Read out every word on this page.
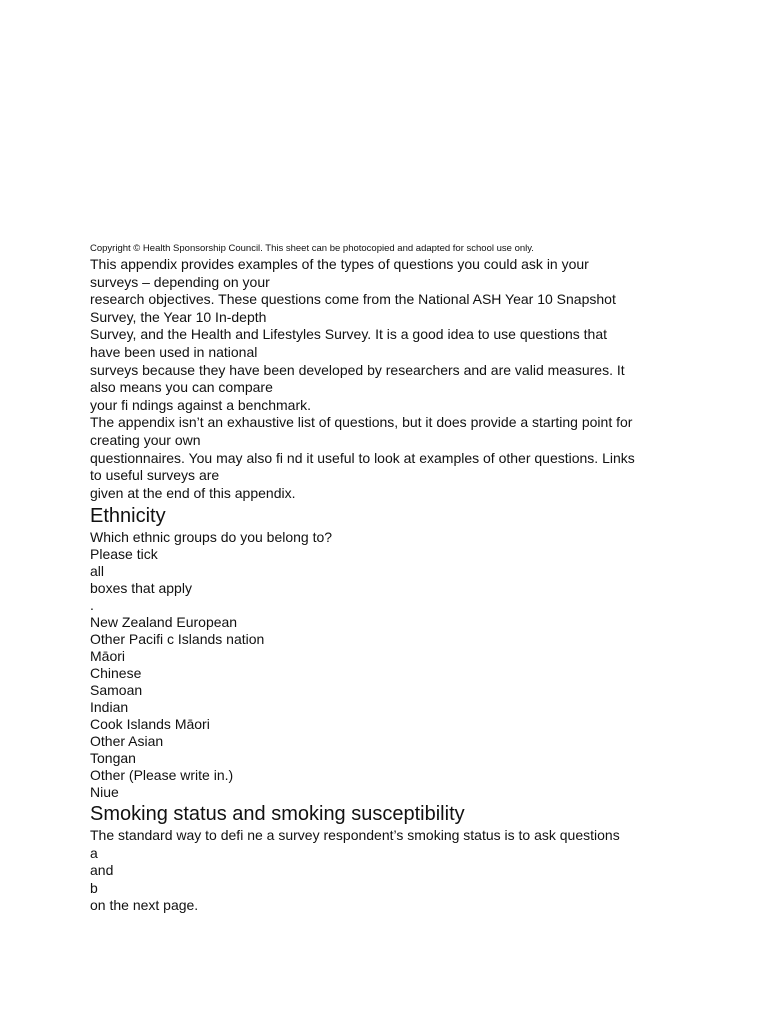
Copyright © Health Sponsorship Council. This sheet can be photocopied and adapted for school use only.
This appendix provides examples of the types of questions you could ask in your
surveys – depending on your
research objectives. These questions come from the National ASH Year 10 Snapshot
Survey, the Year 10 In-depth
Survey, and the Health and Lifestyles Survey. It is a good idea to use questions that
have been used in national
surveys because they have been developed by researchers and are valid measures. It
also means you can compare
your fi ndings against a benchmark.
The appendix isn’t an exhaustive list of questions, but it does provide a starting point for
creating your own
questionnaires. You may also fi nd it useful to look at examples of other questions. Links
to useful surveys are
given at the end of this appendix.
Ethnicity
Which ethnic groups do you belong to?
Please tick
all
boxes that apply
.
New Zealand European
Other Pacifi c Islands nation
Māori
Chinese
Samoan
Indian
Cook Islands Māori
Other Asian
Tongan
Other (Please write in.)
Niue
Smoking status and smoking susceptibility
The standard way to defi ne a survey respondent’s smoking status is to ask questions
a
and
b
on the next page.
